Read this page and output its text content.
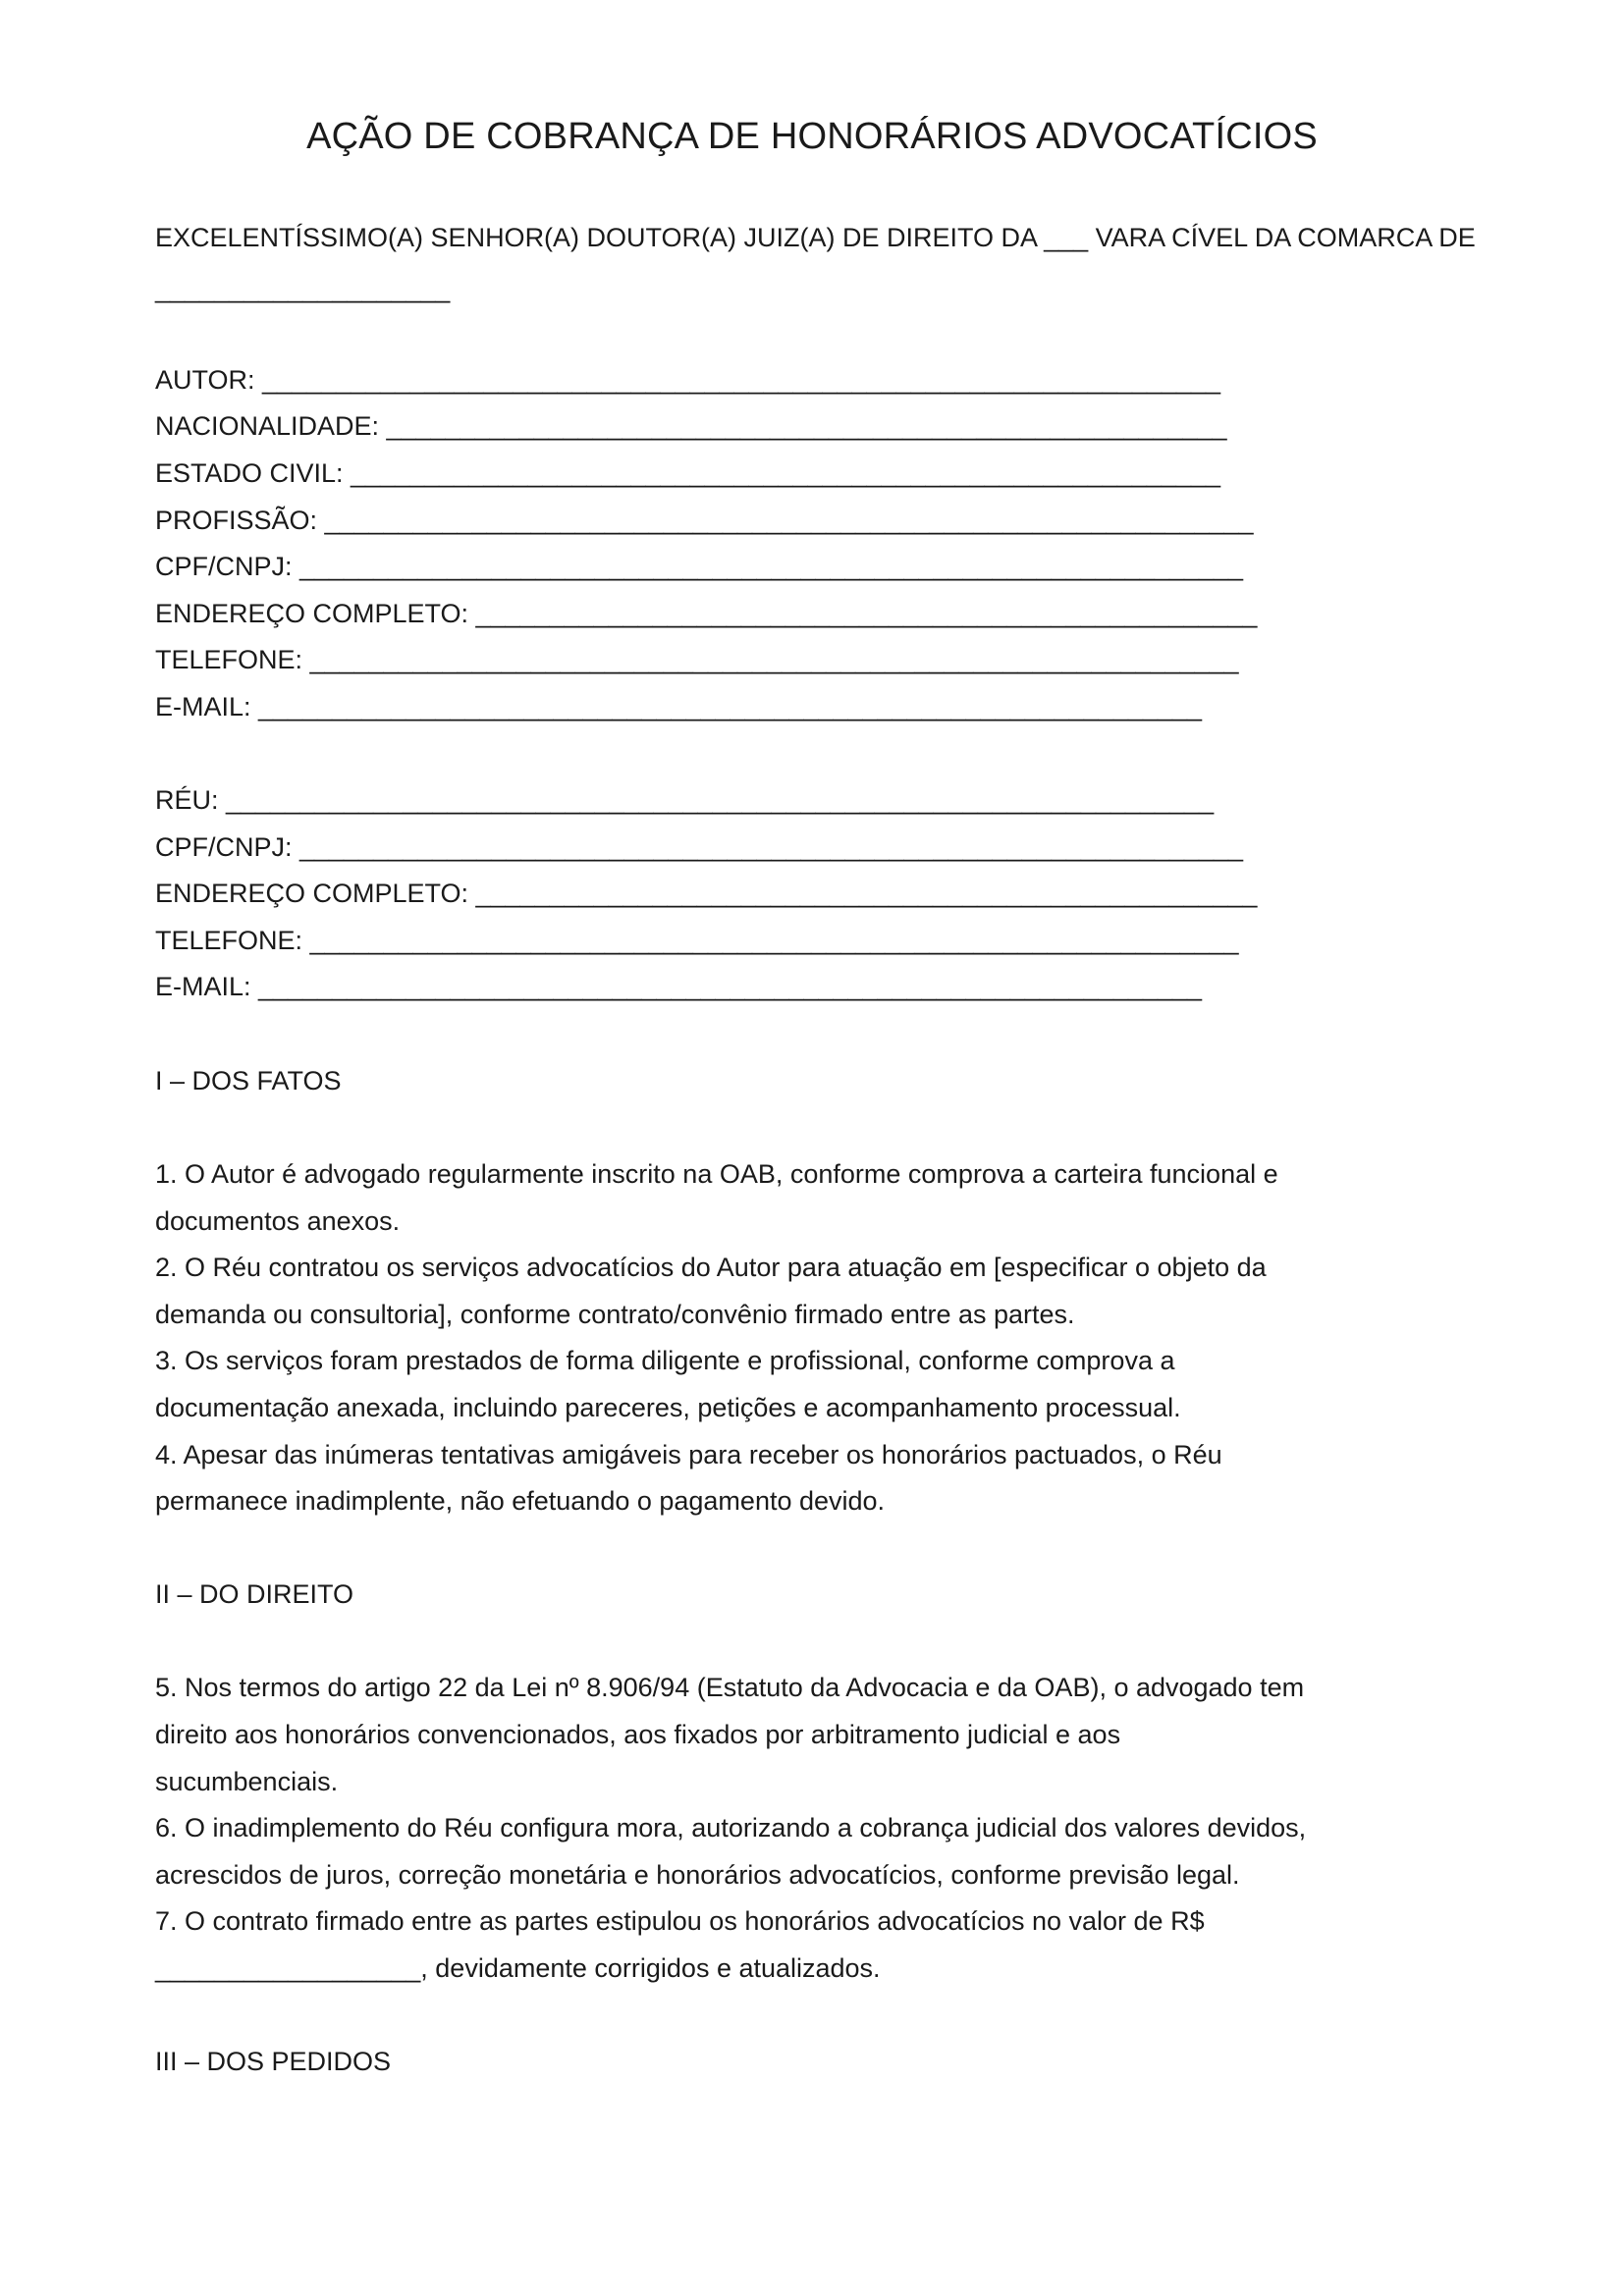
AÇÃO DE COBRANÇA DE HONORÁRIOS ADVOCATÍCIOS

EXCELENTÍSSIMO(A) SENHOR(A) DOUTOR(A) JUIZ(A) DE DIREITO DA ___ VARA CÍVEL DA COMARCA DE

____________________

AUTOR: _________________________________________________________________

NACIONALIDADE: _________________________________________________________

ESTADO CIVIL: ___________________________________________________________

PROFISSÃO: _______________________________________________________________

CPF/CNPJ: ________________________________________________________________

ENDEREÇO COMPLETO: _____________________________________________________

TELEFONE: _______________________________________________________________

E-MAIL: ________________________________________________________________

RÉU: ___________________________________________________________________

CPF/CNPJ: ________________________________________________________________

ENDEREÇO COMPLETO: _____________________________________________________

TELEFONE: _______________________________________________________________

E-MAIL: ________________________________________________________________

I – DOS FATOS

1. O Autor é advogado regularmente inscrito na OAB, conforme comprova a carteira funcional e

documentos anexos.

2. O Réu contratou os serviços advocatícios do Autor para atuação em [especificar o objeto da

demanda ou consultoria], conforme contrato/convênio firmado entre as partes.

3. Os serviços foram prestados de forma diligente e profissional, conforme comprova a

documentação anexada, incluindo pareceres, petições e acompanhamento processual.

4. Apesar das inúmeras tentativas amigáveis para receber os honorários pactuados, o Réu

permanece inadimplente, não efetuando o pagamento devido.

II – DO DIREITO

5. Nos termos do artigo 22 da Lei nº 8.906/94 (Estatuto da Advocacia e da OAB), o advogado tem

direito aos honorários convencionados, aos fixados por arbitramento judicial e aos

sucumbenciais.

6. O inadimplemento do Réu configura mora, autorizando a cobrança judicial dos valores devidos,

acrescidos de juros, correção monetária e honorários advocatícios, conforme previsão legal.

7. O contrato firmado entre as partes estipulou os honorários advocatícios no valor de R$

__________________, devidamente corrigidos e atualizados.

III – DOS PEDIDOS
